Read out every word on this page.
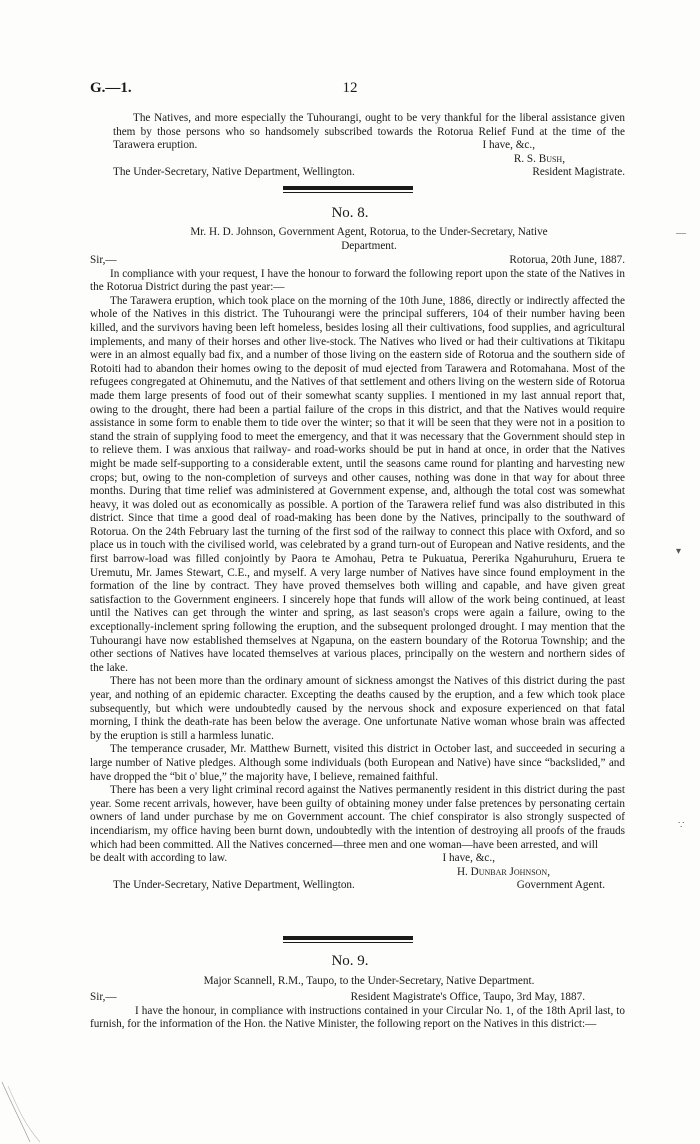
G.—1.	12

The Natives, and more especially the Tuhourangi, ought to be very thankful for the liberal assistance given them by those persons who so handsomely subscribed towards the Rotorua Relief Fund at the time of the Tarawera eruption.	I have, &c.,
R. S. Bush,
The Under-Secretary, Native Department, Wellington.	Resident Magistrate.
No. 8.

Mr. H. D. Johnson, Government Agent, Rotorua, to the Under-Secretary, Native

Department.

Sir,—	Rotorua, 20th June, 1887.

In compliance with your request, I have the honour to forward the following report upon the state of the Natives in the Rotorua District during the past year:—

The Tarawera eruption, which took place on the morning of the 10th June, 1886, directly or indirectly affected the whole of the Natives in this district. The Tuhourangi were the principal sufferers, 104 of their number having been killed, and the survivors having been left homeless, besides losing all their cultivations, food supplies, and agricultural implements, and many of their horses and other live-stock. The Natives who lived or had their cultivations at Tikitapu were in an almost equally bad fix, and a number of those living on the eastern side of Rotorua and the southern side of Rotoiti had to abandon their homes owing to the deposit of mud ejected from Tarawera and Rotomahana. Most of the refugees congregated at Ohinemutu, and the Natives of that settlement and others living on the western side of Rotorua made them large presents of food out of their somewhat scanty supplies. I mentioned in my last annual report that, owing to the drought, there had been a partial failure of the crops in this district, and that the Natives would require assistance in some form to enable them to tide over the winter; so that it will be seen that they were not in a position to stand the strain of supplying food to meet the emergency, and that it was necessary that the Government should step in to relieve them. I was anxious that railway- and road-works should be put in hand at once, in order that the Natives might be made self-supporting to a considerable extent, until the seasons came round for planting and harvesting new crops; but, owing to the non-completion of surveys and other causes, nothing was done in that way for about three months. During that time relief was administered at Government expense, and, although the total cost was somewhat heavy, it was doled out as economically as possible. A portion of the Tarawera relief fund was also distributed in this district. Since that time a good deal of road-making has been done by the Natives, principally to the southward of Rotorua. On the 24th February last the turning of the first sod of the railway to connect this place with Oxford, and so place us in touch with the civilised world, was celebrated by a grand turn-out of European and Native residents, and the first barrow-load was filled conjointly by Paora te Amohau, Petra te Pukuatua, Pererika Ngahuruhuru, Eruera te Uremutu, Mr. James Stewart, C.E., and myself. A very large number of Natives have since found employment in the formation of the line by contract. They have proved themselves both willing and capable, and have given great satisfaction to the Government engineers. I sincerely hope that funds will allow of the work being continued, at least until the Natives can get through the winter and spring, as last season's crops were again a failure, owing to the exceptionally-inclement spring following the eruption, and the subsequent prolonged drought. I may mention that the Tuhourangi have now established themselves at Ngapuna, on the eastern boundary of the Rotorua Township; and the other sections of Natives have located themselves at various places, principally on the western and northern sides of the lake.

There has not been more than the ordinary amount of sickness amongst the Natives of this district during the past year, and nothing of an epidemic character. Excepting the deaths caused by the eruption, and a few which took place subsequently, but which were undoubtedly caused by the nervous shock and exposure experienced on that fatal morning, I think the death-rate has been below the average. One unfortunate Native woman whose brain was affected by the eruption is still a harmless lunatic.

The temperance crusader, Mr. Matthew Burnett, visited this district in October last, and succeeded in securing a large number of Native pledges. Although some individuals (both European and Native) have since “backslided,” and have dropped the “bit o' blue,” the majority have, I believe, remained faithful.

There has been a very light criminal record against the Natives permanently resident in this district during the past year. Some recent arrivals, however, have been guilty of obtaining money under false pretences by personating certain owners of land under purchase by me on Government account. The chief conspirator is also strongly suspected of incendiarism, my office having been burnt down, undoubtedly with the intention of destroying all proofs of the frauds which had been committed. All the Natives concerned—three men and one woman—have been arrested, and will

be dealt with according to law.	I have, &c.,
H. Dunbar Johnson,
The Under-Secretary, Native Department, Wellington.	Government Agent.
No. 9.
Major Scannell, R.M., Taupo, to the Under-Secretary, Native Department.
Sir,—	Resident Magistrate's Office, Taupo, 3rd May, 1887.

I have the honour, in compliance with instructions contained in your Circular No. 1, of the 18th April last, to furnish, for the information of the Hon. the Native Minister, the following report on the Natives in this district:—

—
▾
∵
